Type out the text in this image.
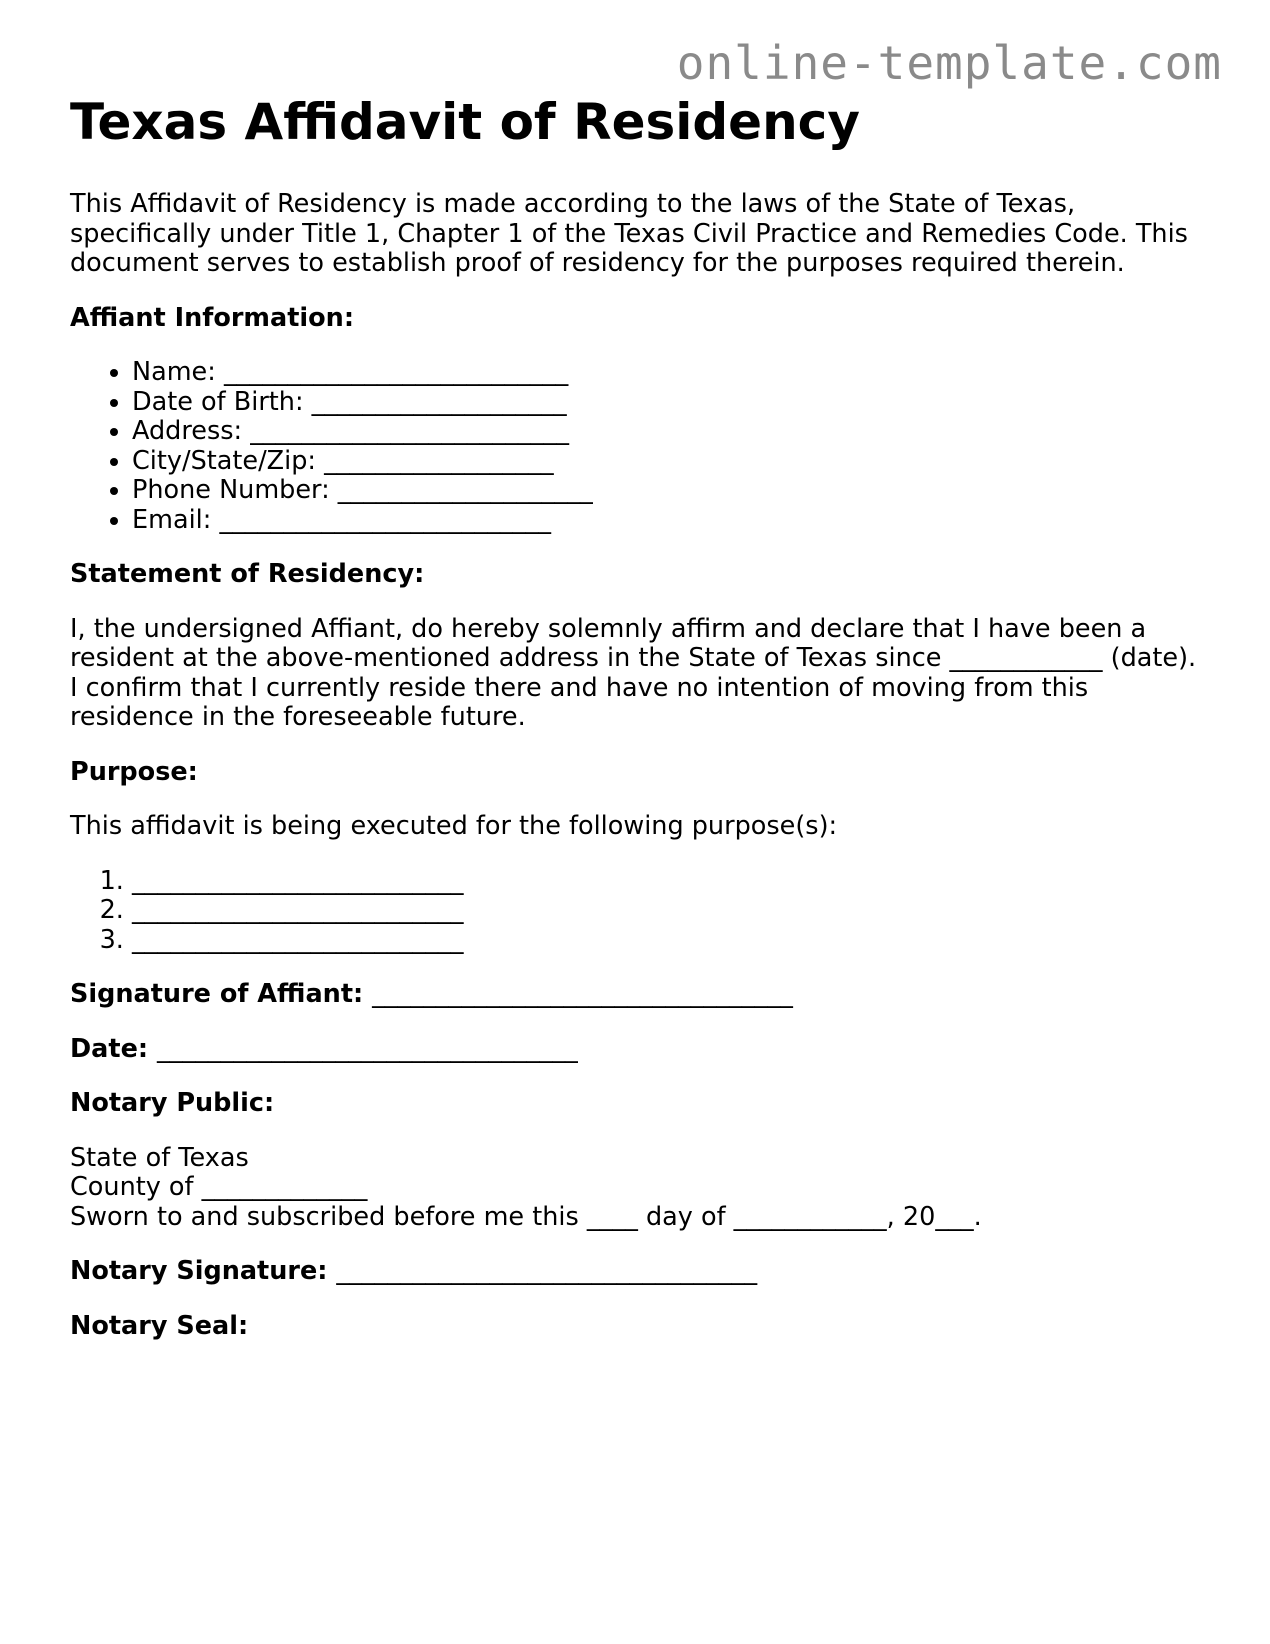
online-template.com
Texas Affidavit of Residency

This Affidavit of Residency is made according to the laws of the State of Texas, specifically under Title 1, Chapter 1 of the Texas Civil Practice and Remedies Code. This document serves to establish proof of residency for the purposes required therein.

Affiant Information:

• Name: ___________________________
• Date of Birth: ____________________
• Address: _________________________
• City/State/Zip: __________________
• Phone Number: ____________________
• Email: __________________________

Statement of Residency:

I, the undersigned Affiant, do hereby solemnly affirm and declare that I have been a resident at the above-mentioned address in the State of Texas since ____________ (date). I confirm that I currently reside there and have no intention of moving from this residence in the foreseeable future.

Purpose:

This affidavit is being executed for the following purpose(s):

1. __________________________
2. __________________________
3. __________________________

Signature of Affiant: _________________________________

Date: _________________________________

Notary Public:

State of Texas
County of _____________
Sworn to and subscribed before me this ____ day of ____________, 20___.

Notary Signature: _________________________________

Notary Seal:
